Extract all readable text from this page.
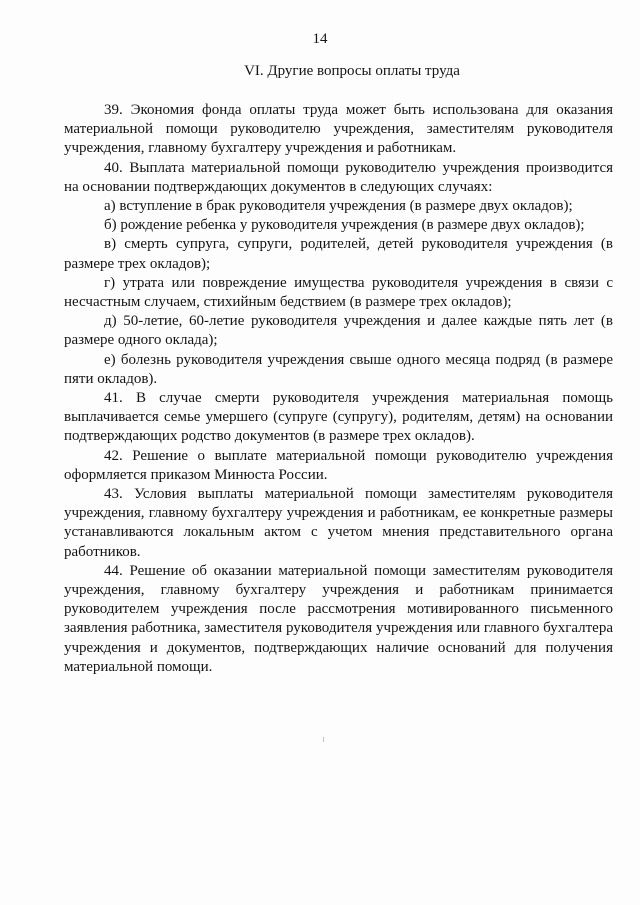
14
VI. Другие вопросы оплаты труда

39. Экономия фонда оплаты труда может быть использована для оказания материальной помощи руководителю учреждения, заместителям руководителя учреждения, главному бухгалтеру учреждения и работникам.

40. Выплата материальной помощи руководителю учреждения производится на основании подтверждающих документов в следующих случаях:

а) вступление в брак руководителя учреждения (в размере двух окладов);

б) рождение ребенка у руководителя учреждения (в размере двух окладов);

в) смерть супруга, супруги, родителей, детей руководителя учреждения (в размере трех окладов);

г) утрата или повреждение имущества руководителя учреждения в связи с несчастным случаем, стихийным бедствием (в размере трех окладов);

д) 50-летие, 60-летие руководителя учреждения и далее каждые пять лет (в размере одного оклада);

е) болезнь руководителя учреждения свыше одного месяца подряд (в размере пяти окладов).

41. В случае смерти руководителя учреждения материальная помощь выплачивается семье умершего (супруге (супругу), родителям, детям) на основании подтверждающих родство документов (в размере трех окладов).

42. Решение о выплате материальной помощи руководителю учреждения оформляется приказом Минюста России.

43. Условия выплаты материальной помощи заместителям руководителя учреждения, главному бухгалтеру учреждения и работникам, ее конкретные размеры устанавливаются локальным актом с учетом мнения представительного органа работников.

44. Решение об оказании материальной помощи заместителям руководителя учреждения, главному бухгалтеру учреждения и работникам принимается руководителем учреждения после рассмотрения мотивированного письменного заявления работника, заместителя руководителя учреждения или главного бухгалтера учреждения и документов, подтверждающих наличие оснований для получения материальной помощи.
